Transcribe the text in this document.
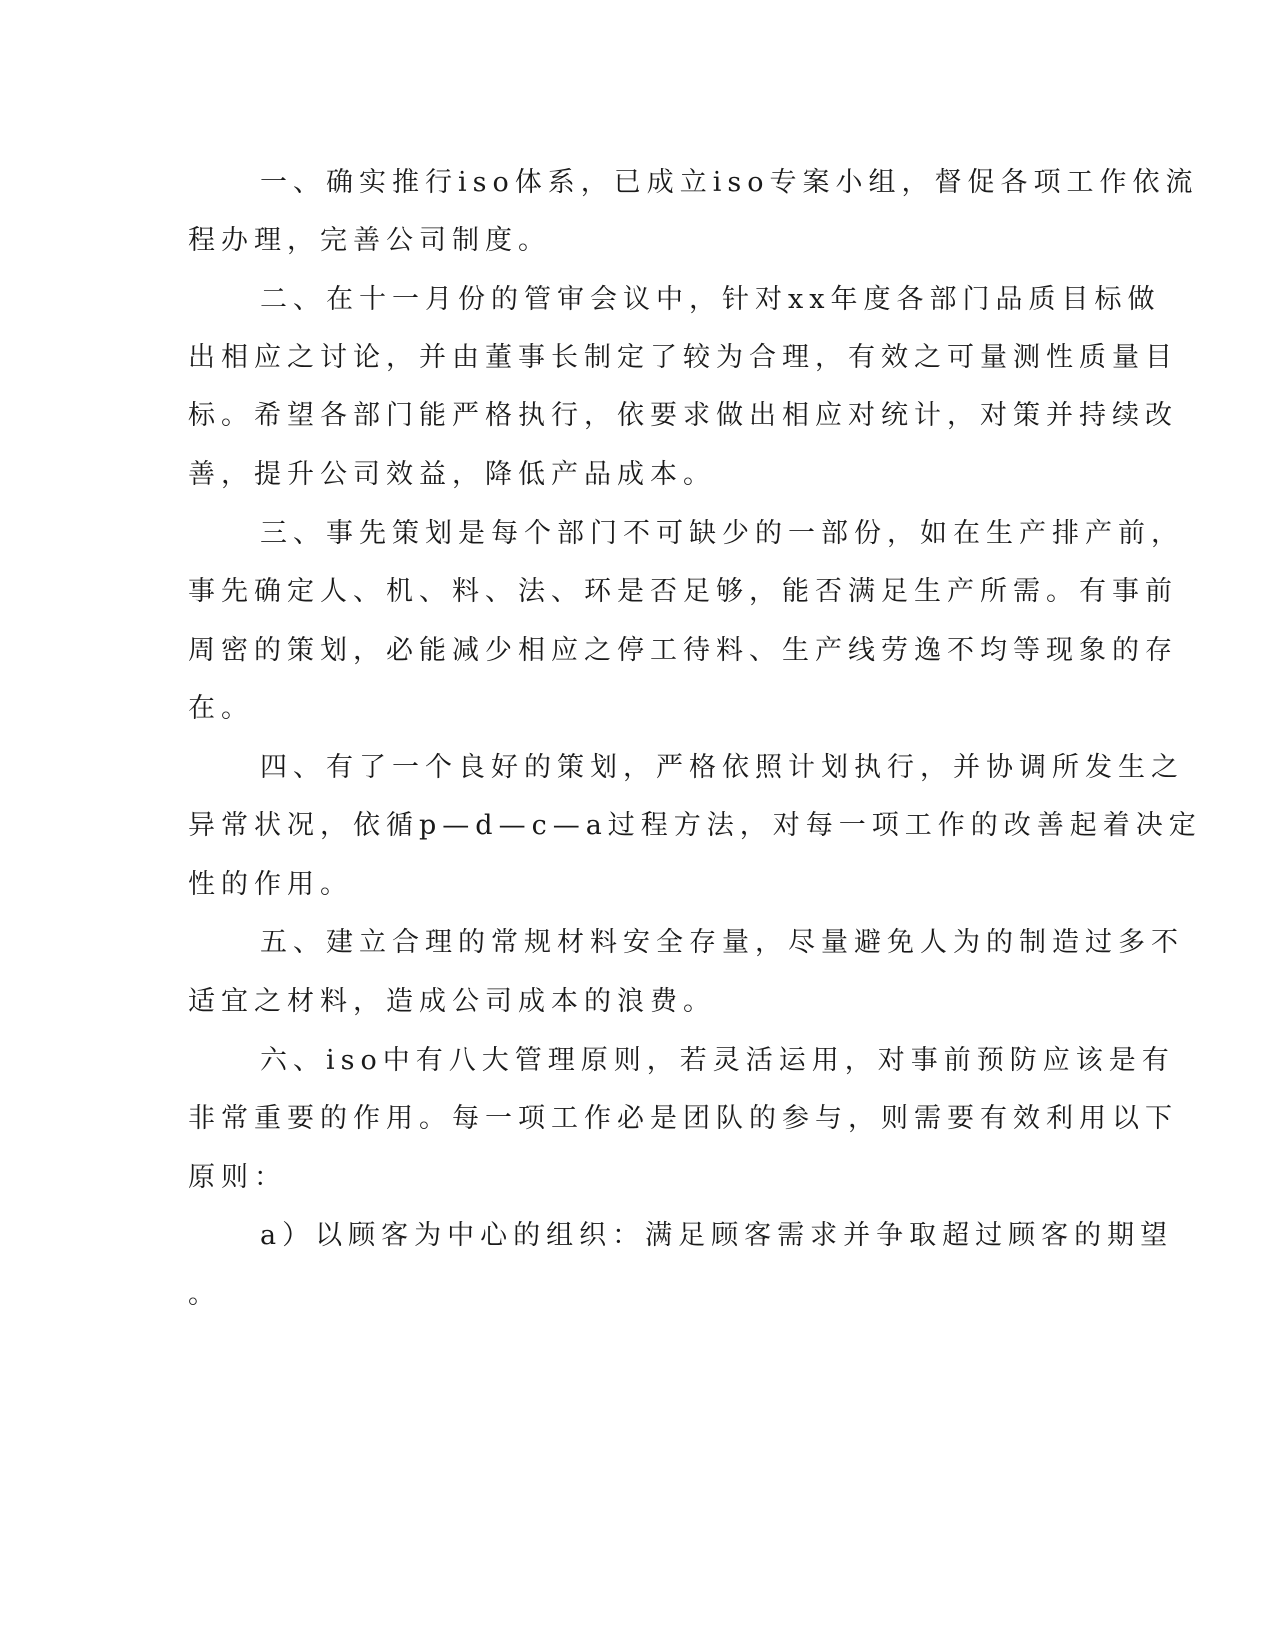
一、确实推行iso体系，已成立iso专案小组，督促各项工作依流
程办理，完善公司制度。
二、在十一月份的管审会议中，针对xx年度各部门品质目标做
出相应之讨论，并由董事长制定了较为合理，有效之可量测性质量目
标。希望各部门能严格执行，依要求做出相应对统计，对策并持续改
善，提升公司效益，降低产品成本。
三、事先策划是每个部门不可缺少的一部份，如在生产排产前，
事先确定人、机、料、法、环是否足够，能否满足生产所需。有事前
周密的策划，必能减少相应之停工待料、生产线劳逸不均等现象的存
在。
四、有了一个良好的策划，严格依照计划执行，并协调所发生之
异常状况，依循p—d—c—a过程方法，对每一项工作的改善起着决定
性的作用。
五、建立合理的常规材料安全存量，尽量避免人为的制造过多不
适宜之材料，造成公司成本的浪费。
六、iso中有八大管理原则，若灵活运用，对事前预防应该是有
非常重要的作用。每一项工作必是团队的参与，则需要有效利用以下
原则：
a）以顾客为中心的组织：满足顾客需求并争取超过顾客的期望
。
